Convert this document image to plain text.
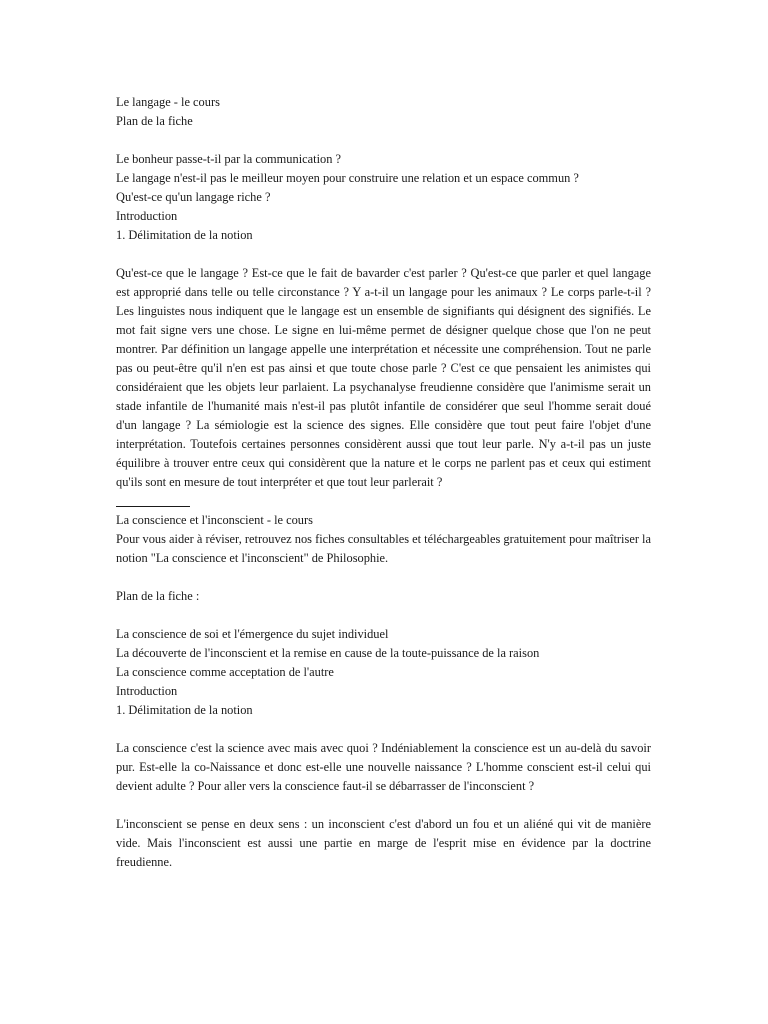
Le langage - le cours
Plan de la fiche
Le bonheur passe-t-il par la communication ?
Le langage n'est-il pas le meilleur moyen pour construire une relation et un espace commun ?
Qu'est-ce qu'un langage riche ?
Introduction
1. Délimitation de la notion

Qu'est-ce que le langage ? Est-ce que le fait de bavarder c'est parler ? Qu'est-ce que parler et quel langage est approprié dans telle ou telle circonstance ? Y a-t-il un langage pour les animaux ? Le corps parle-t-il ? Les linguistes nous indiquent que le langage est un ensemble de signifiants qui désignent des signifiés. Le mot fait signe vers une chose. Le signe en lui-même permet de désigner quelque chose que l'on ne peut montrer. Par définition un langage appelle une interprétation et nécessite une compréhension. Tout ne parle pas ou peut-être qu'il n'en est pas ainsi et que toute chose parle ? C'est ce que pensaient les animistes qui considéraient que les objets leur parlaient. La psychanalyse freudienne considère que l'animisme serait un stade infantile de l'humanité mais n'est-il pas plutôt infantile de considérer que seul l'homme serait doué d'un langage ? La sémiologie est la science des signes. Elle considère que tout peut faire l'objet d'une interprétation. Toutefois certaines personnes considèrent aussi que tout leur parle. N'y a-t-il pas un juste équilibre à trouver entre ceux qui considèrent que la nature et le corps ne parlent pas et ceux qui estiment qu'ils sont en mesure de tout interpréter et que tout leur parlerait ?

La conscience et l'inconscient - le cours

Pour vous aider à réviser, retrouvez nos fiches consultables et téléchargeables gratuitement pour maîtriser la notion "La conscience et l'inconscient" de Philosophie.

Plan de la fiche :
La conscience de soi et l'émergence du sujet individuel
La découverte de l'inconscient et la remise en cause de la toute-puissance de la raison
La conscience comme acceptation de l'autre
Introduction
1. Délimitation de la notion

La conscience c'est la science avec mais avec quoi ? Indéniablement la conscience est un au-delà du savoir pur. Est-elle la co-Naissance et donc est-elle une nouvelle naissance ? L'homme conscient est-il celui qui devient adulte ? Pour aller vers la conscience faut-il se débarrasser de l'inconscient ?

L'inconscient se pense en deux sens : un inconscient c'est d'abord un fou et un aliéné qui vit de manière vide. Mais l'inconscient est aussi une partie en marge de l'esprit mise en évidence par la doctrine freudienne.
